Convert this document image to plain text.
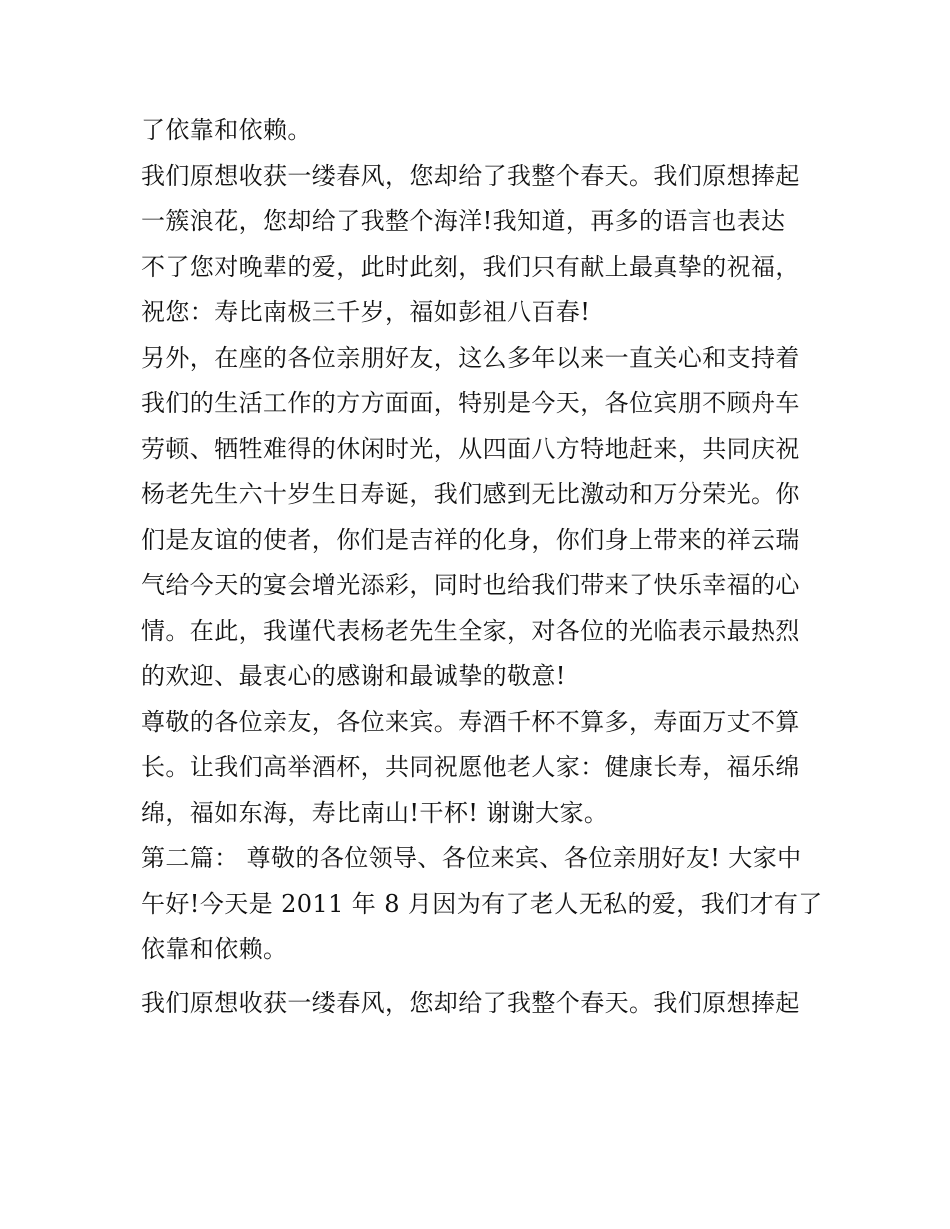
了依靠和依赖。
我们原想收获一缕春风，您却给了我整个春天。我们原想捧起
一簇浪花，您却给了我整个海洋!我知道，再多的语言也表达
不了您对晚辈的爱，此时此刻，我们只有献上最真挚的祝福，
祝您：寿比南极三千岁，福如彭祖八百春!
另外，在座的各位亲朋好友，这么多年以来一直关心和支持着
我们的生活工作的方方面面，特别是今天，各位宾朋不顾舟车
劳顿、牺牲难得的休闲时光，从四面八方特地赶来，共同庆祝
杨老先生六十岁生日寿诞，我们感到无比激动和万分荣光。你
们是友谊的使者，你们是吉祥的化身，你们身上带来的祥云瑞
气给今天的宴会增光添彩，同时也给我们带来了快乐幸福的心
情。在此，我谨代表杨老先生全家，对各位的光临表示最热烈
的欢迎、最衷心的感谢和最诚挚的敬意!
尊敬的各位亲友，各位来宾。寿酒千杯不算多，寿面万丈不算
长。让我们高举酒杯，共同祝愿他老人家：健康长寿，福乐绵
绵，福如东海，寿比南山!干杯! 谢谢大家。
第二篇： 尊敬的各位领导、各位来宾、各位亲朋好友! 大家中
午好!今天是 2011 年 8 月因为有了老人无私的爱，我们才有了
依靠和依赖。
我们原想收获一缕春风，您却给了我整个春天。我们原想捧起
